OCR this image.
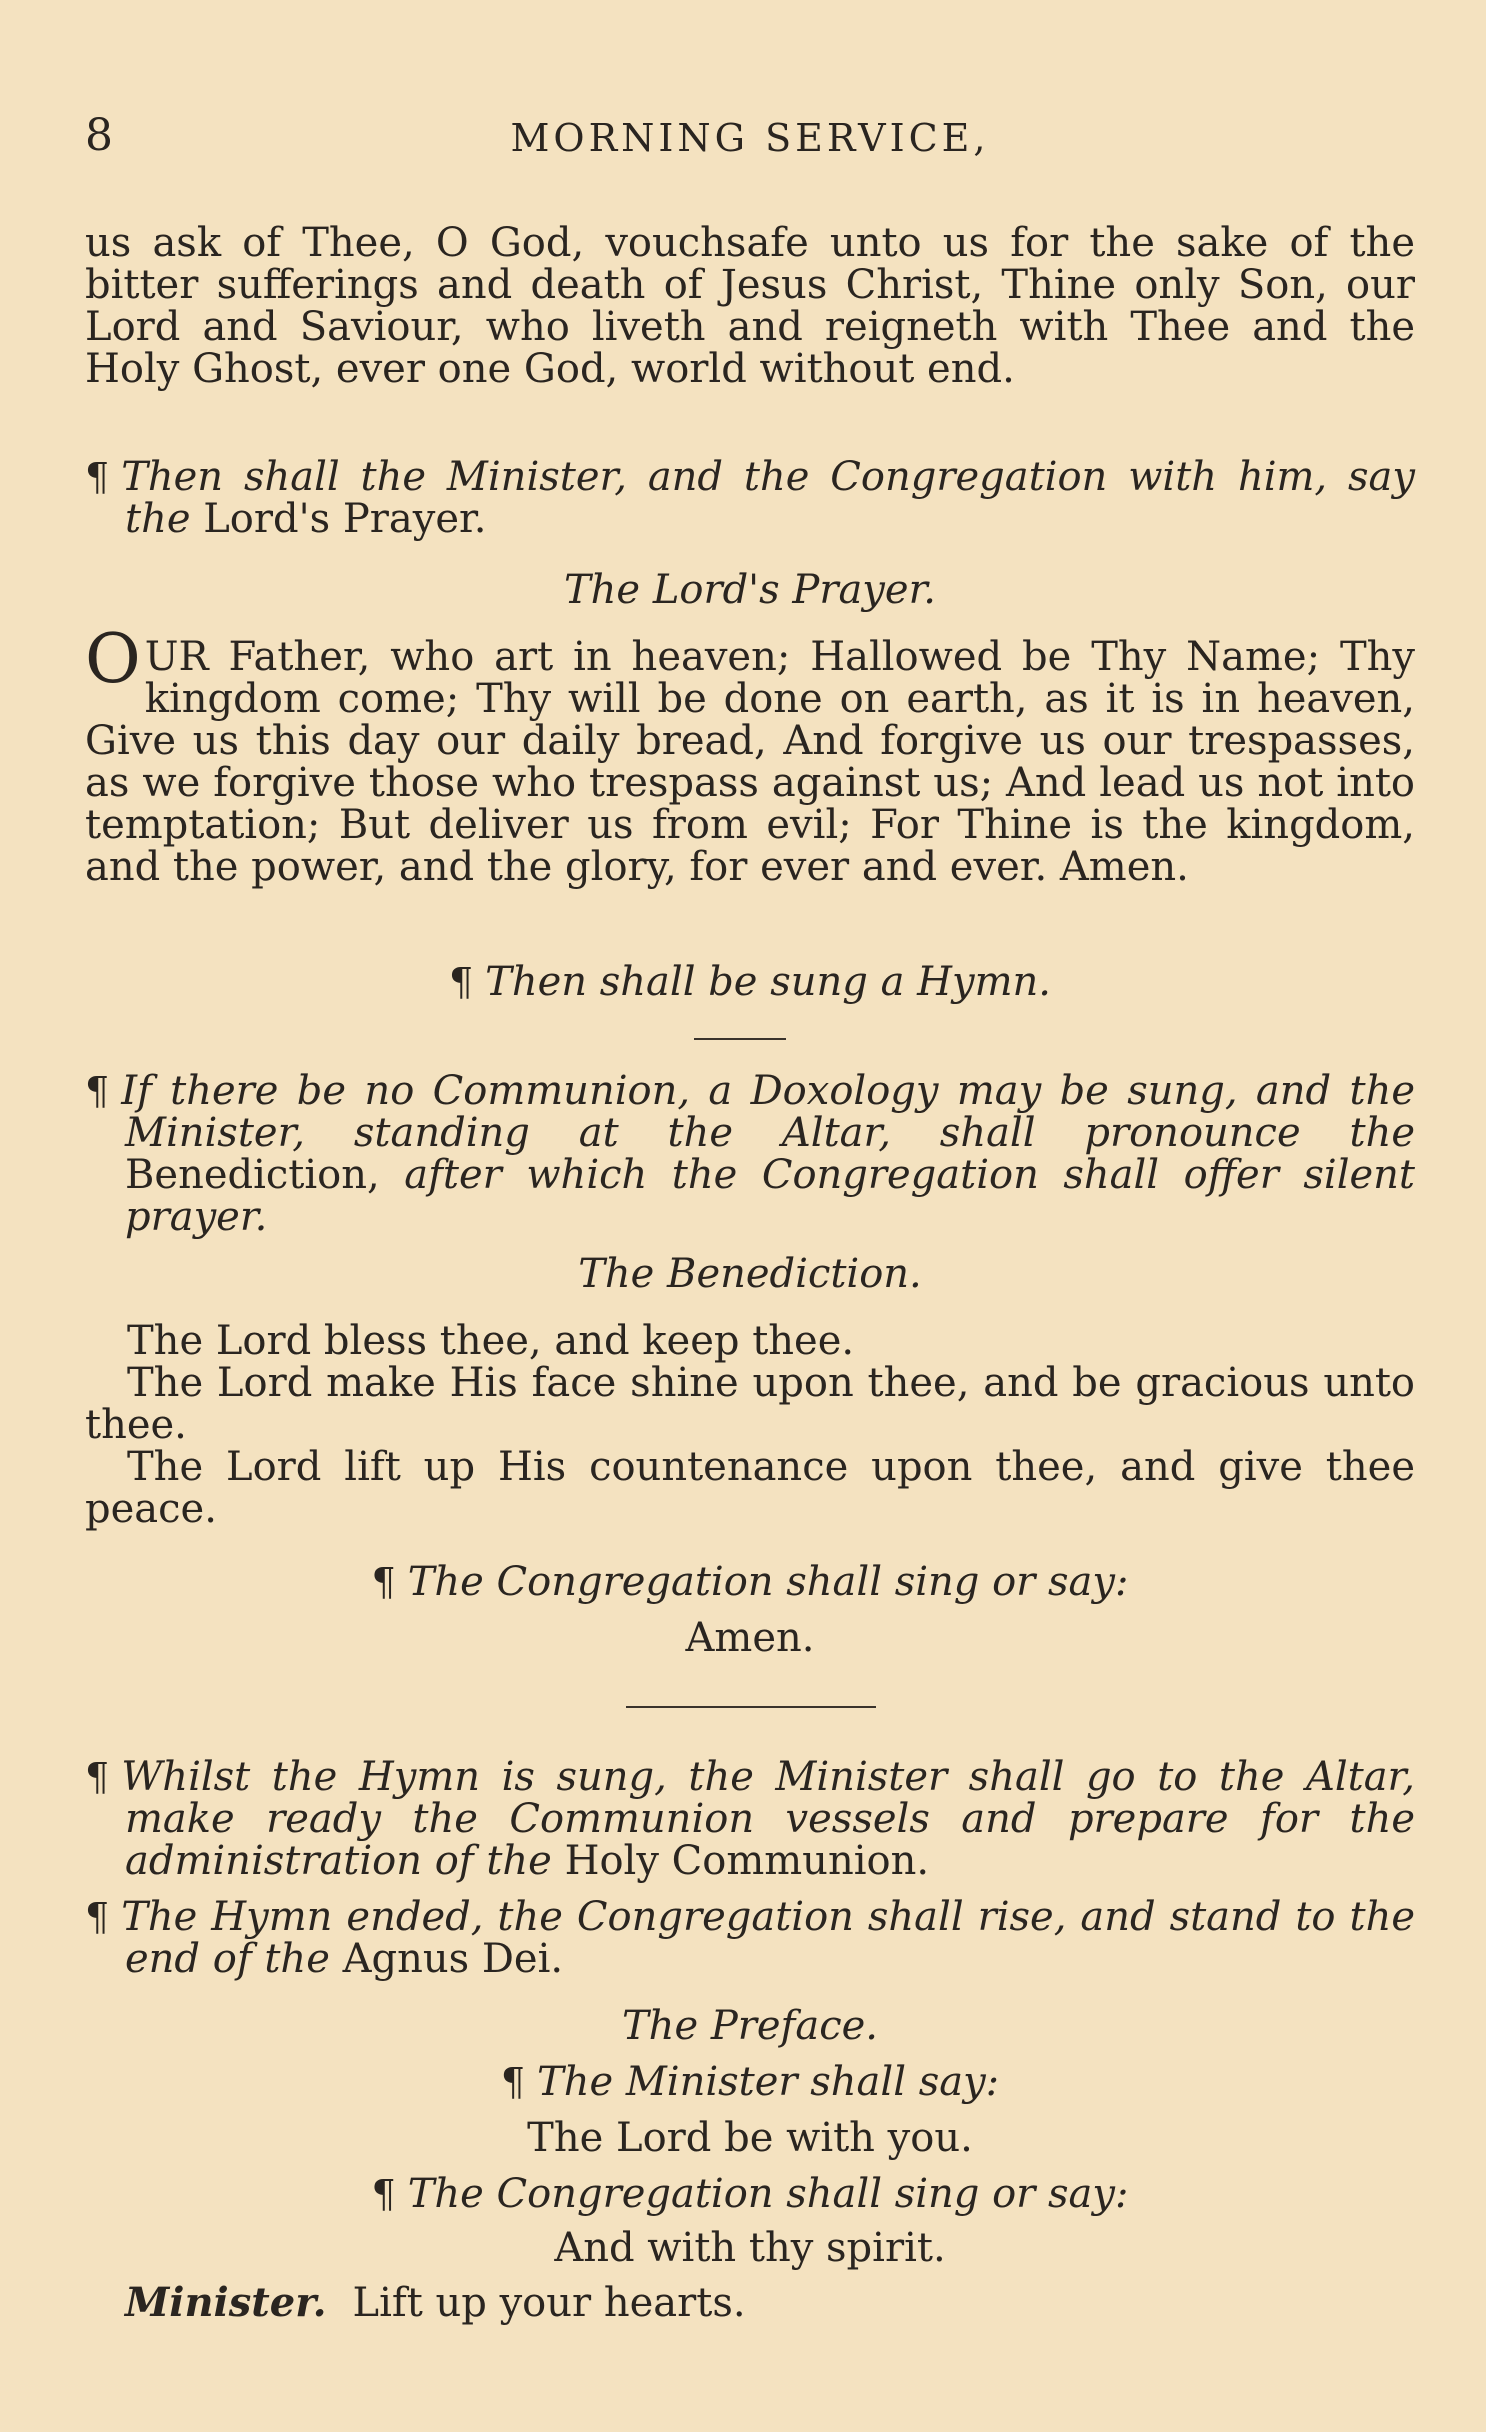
8	MORNING SERVICE,

us ask of Thee, O God, vouchsafe unto us for the sake of the bitter sufferings and death of Jesus Christ, Thine only Son, our Lord and Saviour, who liveth and reigneth with Thee and the Holy Ghost, ever one God, world without end.

¶ Then shall the Minister, and the Congregation with him, say the Lord's Prayer.

The Lord's Prayer.

OUR Father, who art in heaven; Hallowed be Thy Name; Thy kingdom come; Thy will be done on earth, as it is in heaven, Give us this day our daily bread, And forgive us our trespasses, as we forgive those who trespass against us; And lead us not into temptation; But deliver us from evil; For Thine is the kingdom, and the power, and the glory, for ever and ever. Amen.

¶ Then shall be sung a Hymn.

¶ If there be no Communion, a Doxology may be sung, and the Minister, standing at the Altar, shall pronounce the Benediction, after which the Congregation shall offer silent prayer.

The Benediction.

The Lord bless thee, and keep thee.
The Lord make His face shine upon thee, and be gracious unto thee.
The Lord lift up His countenance upon thee, and give thee peace.

¶ The Congregation shall sing or say:

Amen.

¶ Whilst the Hymn is sung, the Minister shall go to the Altar, make ready the Communion vessels and prepare for the administration of the Holy Communion.

¶ The Hymn ended, the Congregation shall rise, and stand to the end of the Agnus Dei.

The Preface.

¶ The Minister shall say:

The Lord be with you.

¶ The Congregation shall sing or say:

And with thy spirit.

Minister. Lift up your hearts.
